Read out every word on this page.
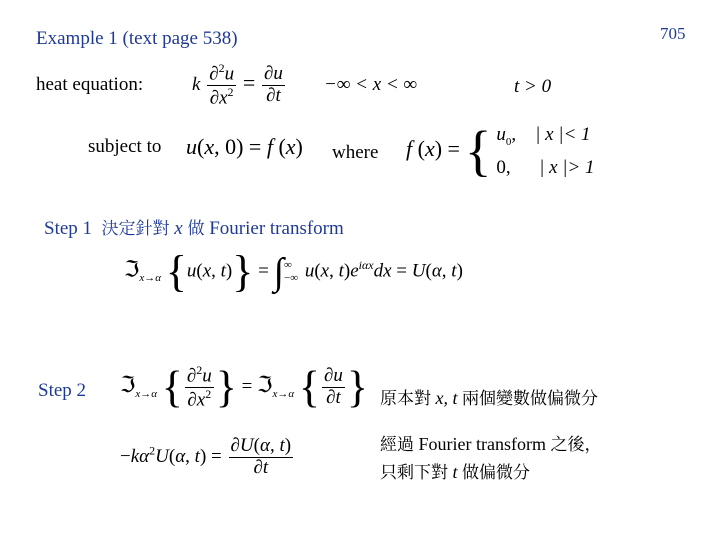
Example 1 (text page 538)	705
heat equation:	k $\frac{\partial^2u}{\partial x^2} = \frac{\partial u}{\partial t}$ −∞ < x < ∞	t > 0
subject to u(x, 0) = f (x) where f (x) = { $u_0$,    | x |< 1
0, | x |> 1
Step 1 決定針對 x 做 Fourier transform
ℑ$_{x\to\alpha}$ {u(x, t)} = ∫ ∞
−∞ u(x, $t)e^{i\alpha x}dx = U(\alpha$, t)
Step 2 ℑ$_{x\to\alpha}$ { $\frac{\partial^2u}{\partial x^2}$ } = ℑ$_{x\to\alpha}$ { $\frac{\partial u}{\partial t}$ }
$-k\alpha^2U(\alpha$, $t) = \frac{\partial U(\alpha, t)}{\partial t}$
原本對 x, t 兩個變數做偏微分
經過 Fourier transform 之後，
只剩下對 t 做偏微分
